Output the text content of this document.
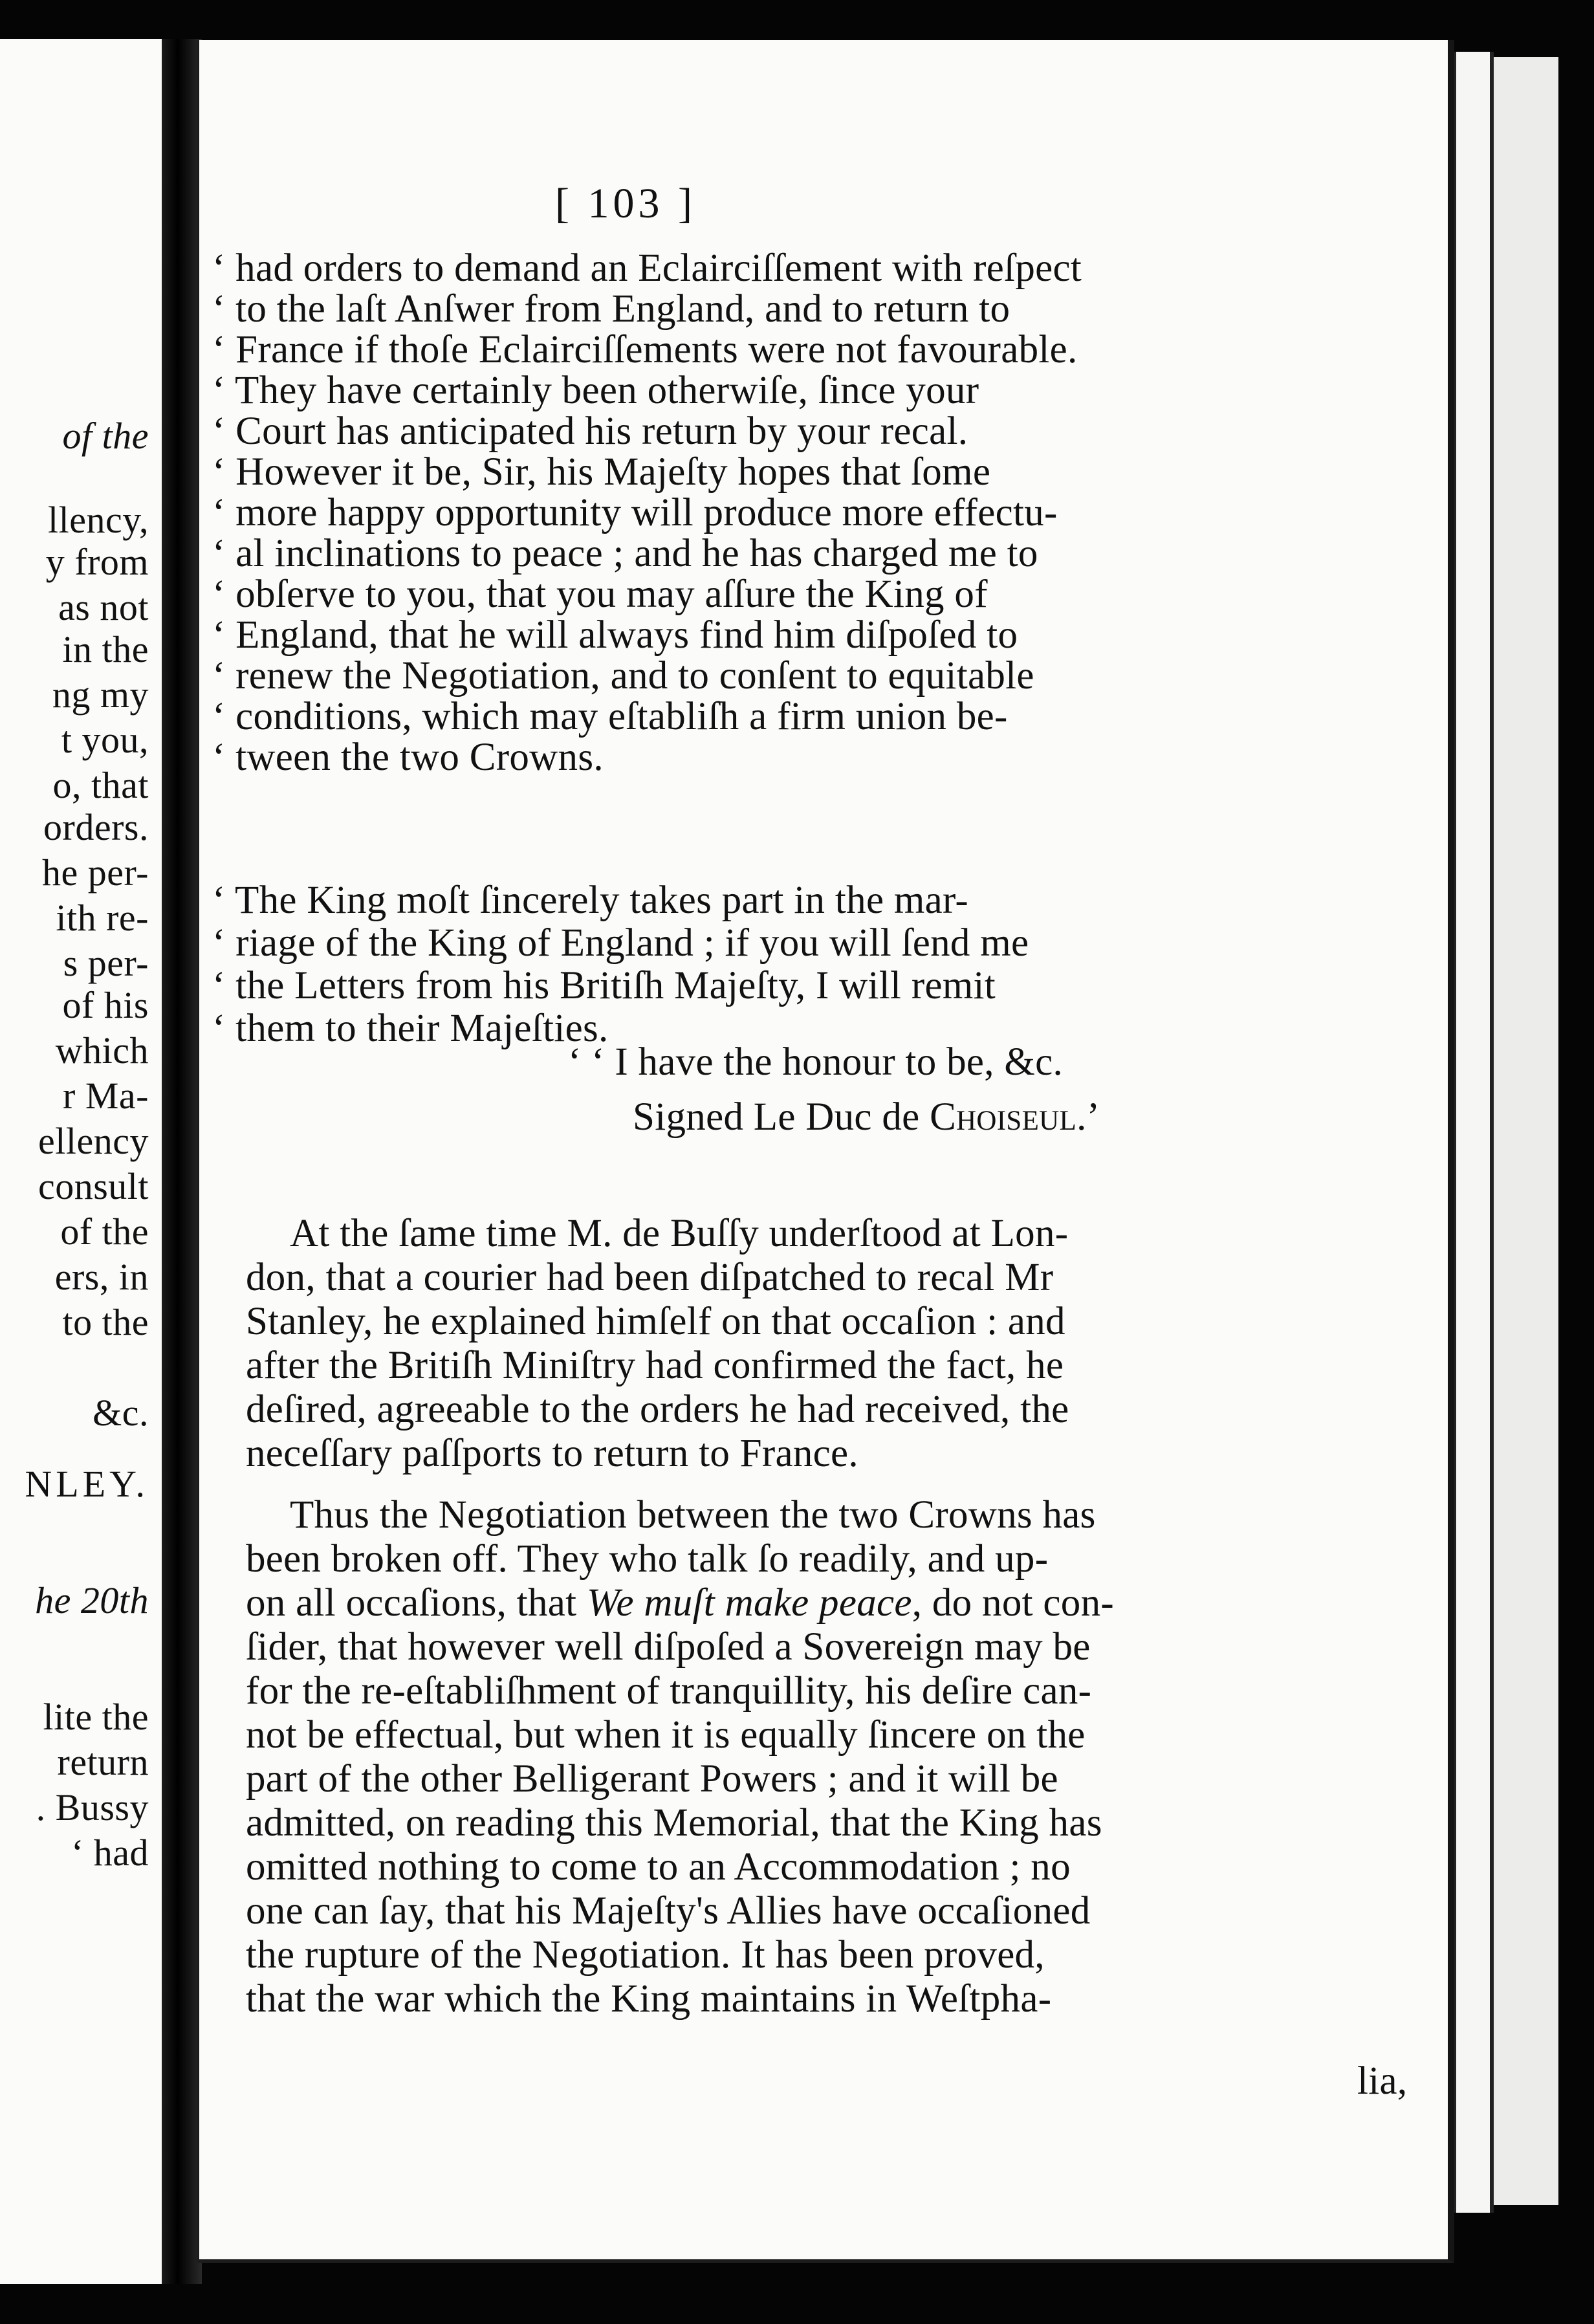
of the
llency,
y from
as not
in the
ng my
t you,
o, that
orders.
he per-
ith re-
s per-
of his
which
r Ma-
ellency
consult
of the
ers, in
to the
&c.
NLEY.
he 20th
lite the
return
. Bussy
‘ had
[ 103 ]
‘ had orders to demand an Eclairciſſement with reſpect
‘ to the laſt Anſwer from England, and to return to
‘ France if thoſe Eclairciſſements were not favourable.
‘ They have certainly been otherwiſe, ſince your
‘ Court has anticipated his return by your recal.
‘ However it be, Sir, his Majeſty hopes that ſome
‘ more happy opportunity will produce more effectu-
‘ al inclinations to peace ; and he has charged me to
‘ obſerve to you, that you may aſſure the King of
‘ England, that he will always find him diſpoſed to
‘ renew the Negotiation, and to conſent to equitable
‘ conditions, which may eſtabliſh a firm union be-
‘ tween the two Crowns.
‘ The King moſt ſincerely takes part in the mar-
‘ riage of the King of England ; if you will ſend me
‘ the Letters from his Britiſh Majeſty, I will remit
‘ them to their Majeſties.
‘ ‘ I have the honour to be, &c.
Signed Le Duc de Choiseul.’
At the ſame time M. de Buſſy underſtood at Lon-
don, that a courier had been diſpatched to recal Mr
Stanley, he explained himſelf on that occaſion : and
after the Britiſh Miniſtry had confirmed the fact, he
deſired, agreeable to the orders he had received, the
neceſſary paſſports to return to France.
Thus the Negotiation between the two Crowns has
been broken off. They who talk ſo readily, and up-
on all occaſions, that We muſt make peace, do not con-
ſider, that however well diſpoſed a Sovereign may be
for the re-eſtabliſhment of tranquillity, his deſire can-
not be effectual, but when it is equally ſincere on the
part of the other Belligerant Powers ; and it will be
admitted, on reading this Memorial, that the King has
omitted nothing to come to an Accommodation ; no
one can ſay, that his Majeſty's Allies have occaſioned
the rupture of the Negotiation. It has been proved,
that the war which the King maintains in Weſtpha-
lia,
